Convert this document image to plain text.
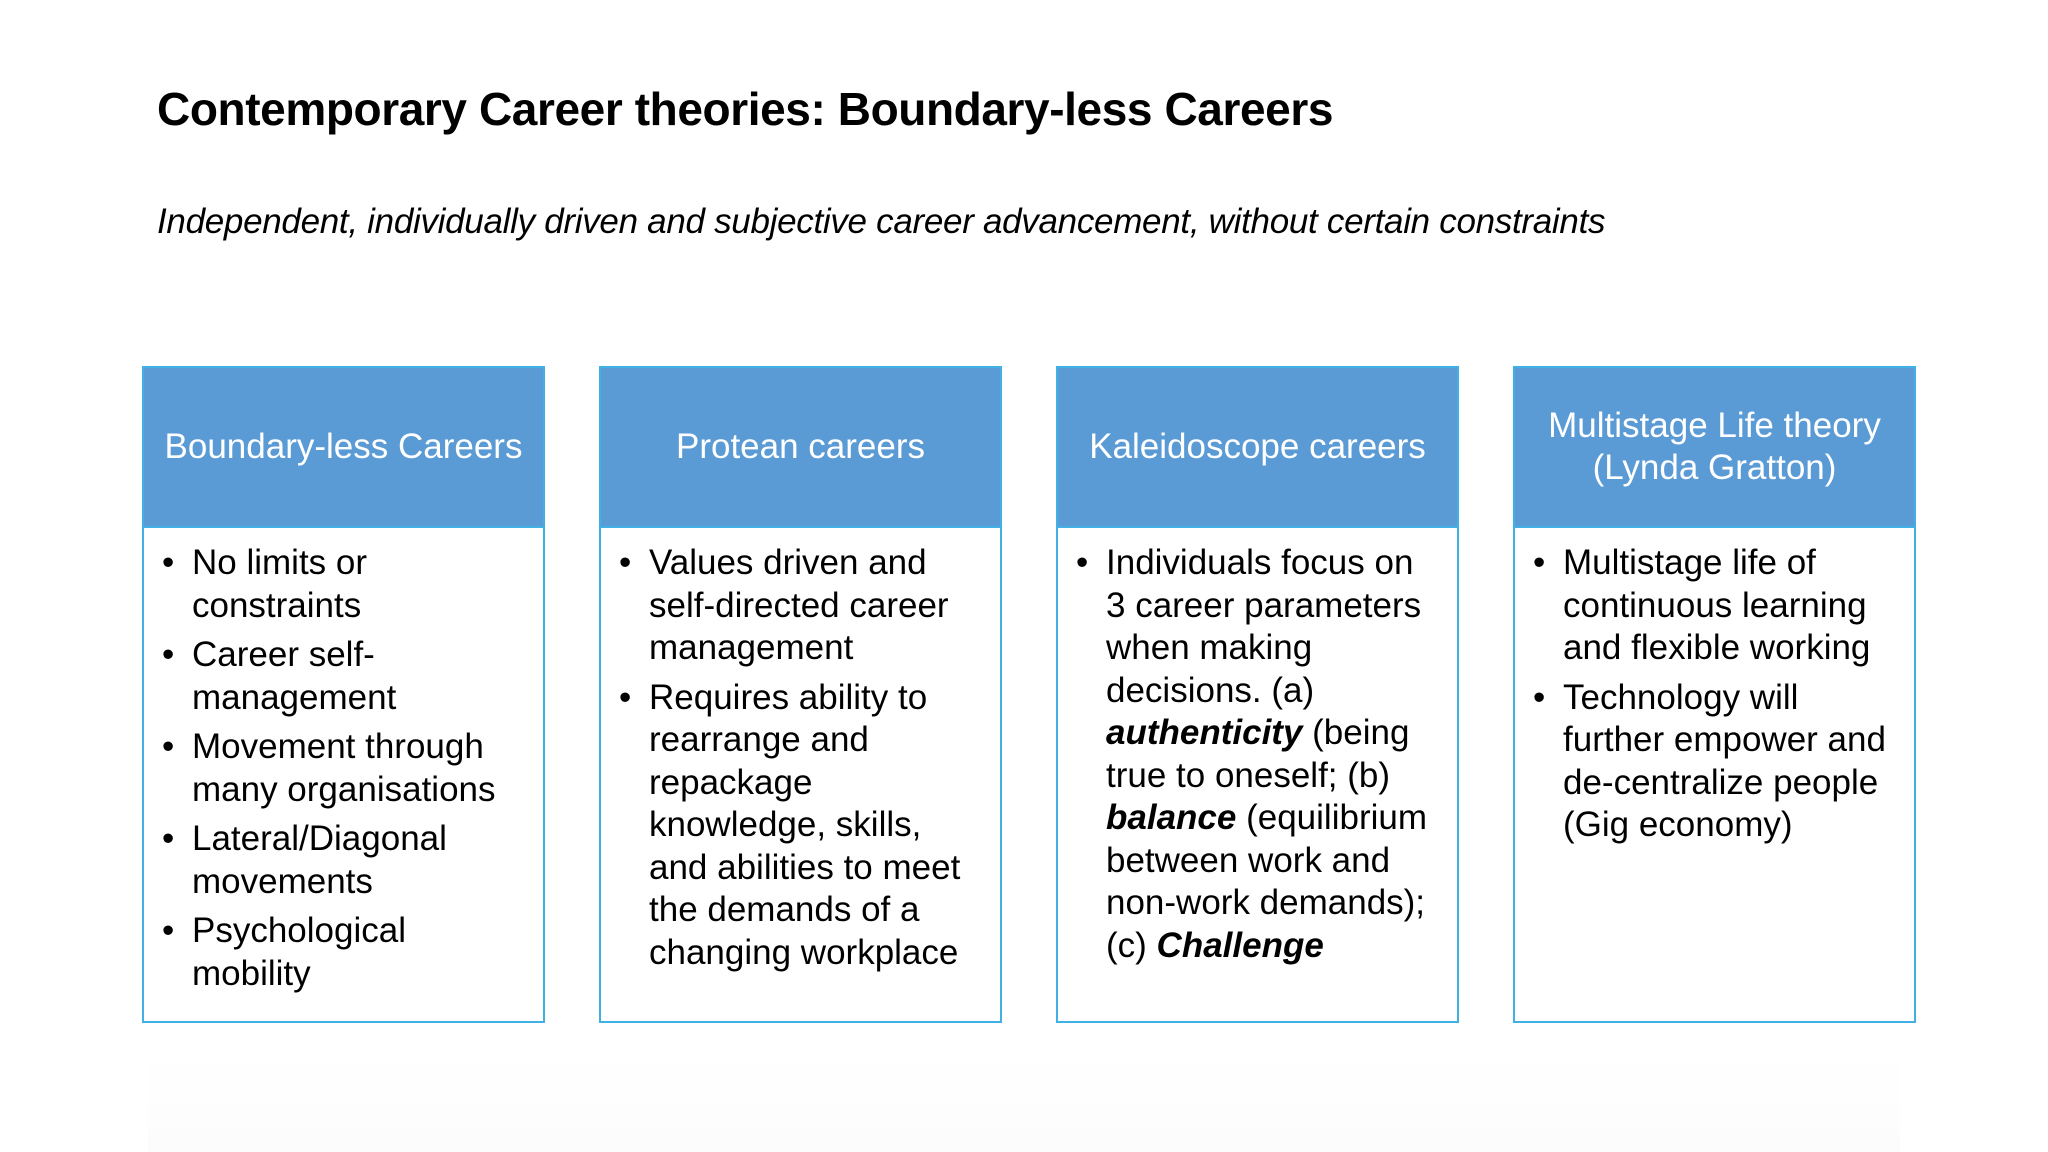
Contemporary Career theories: Boundary-less Careers

Independent, individually driven and subjective career advancement, without certain constraints

Boundary-less Careers
• No limits or constraints
• Career self-management
• Movement through many organisations
• Lateral/Diagonal movements
• Psychological mobility
Protean careers
• Values driven and self-directed career management
• Requires ability to rearrange and repackage knowledge, skills, and abilities to meet the demands of a changing workplace
Kaleidoscope careers
• Individuals focus on 3 career parameters when making decisions. (a) authenticity (being true to oneself; (b) balance (equilibrium between work and non-work demands); (c) Challenge
Multistage Life theory (Lynda Gratton)
• Multistage life of continuous learning and flexible working
• Technology will further empower and de-centralize people (Gig economy)
